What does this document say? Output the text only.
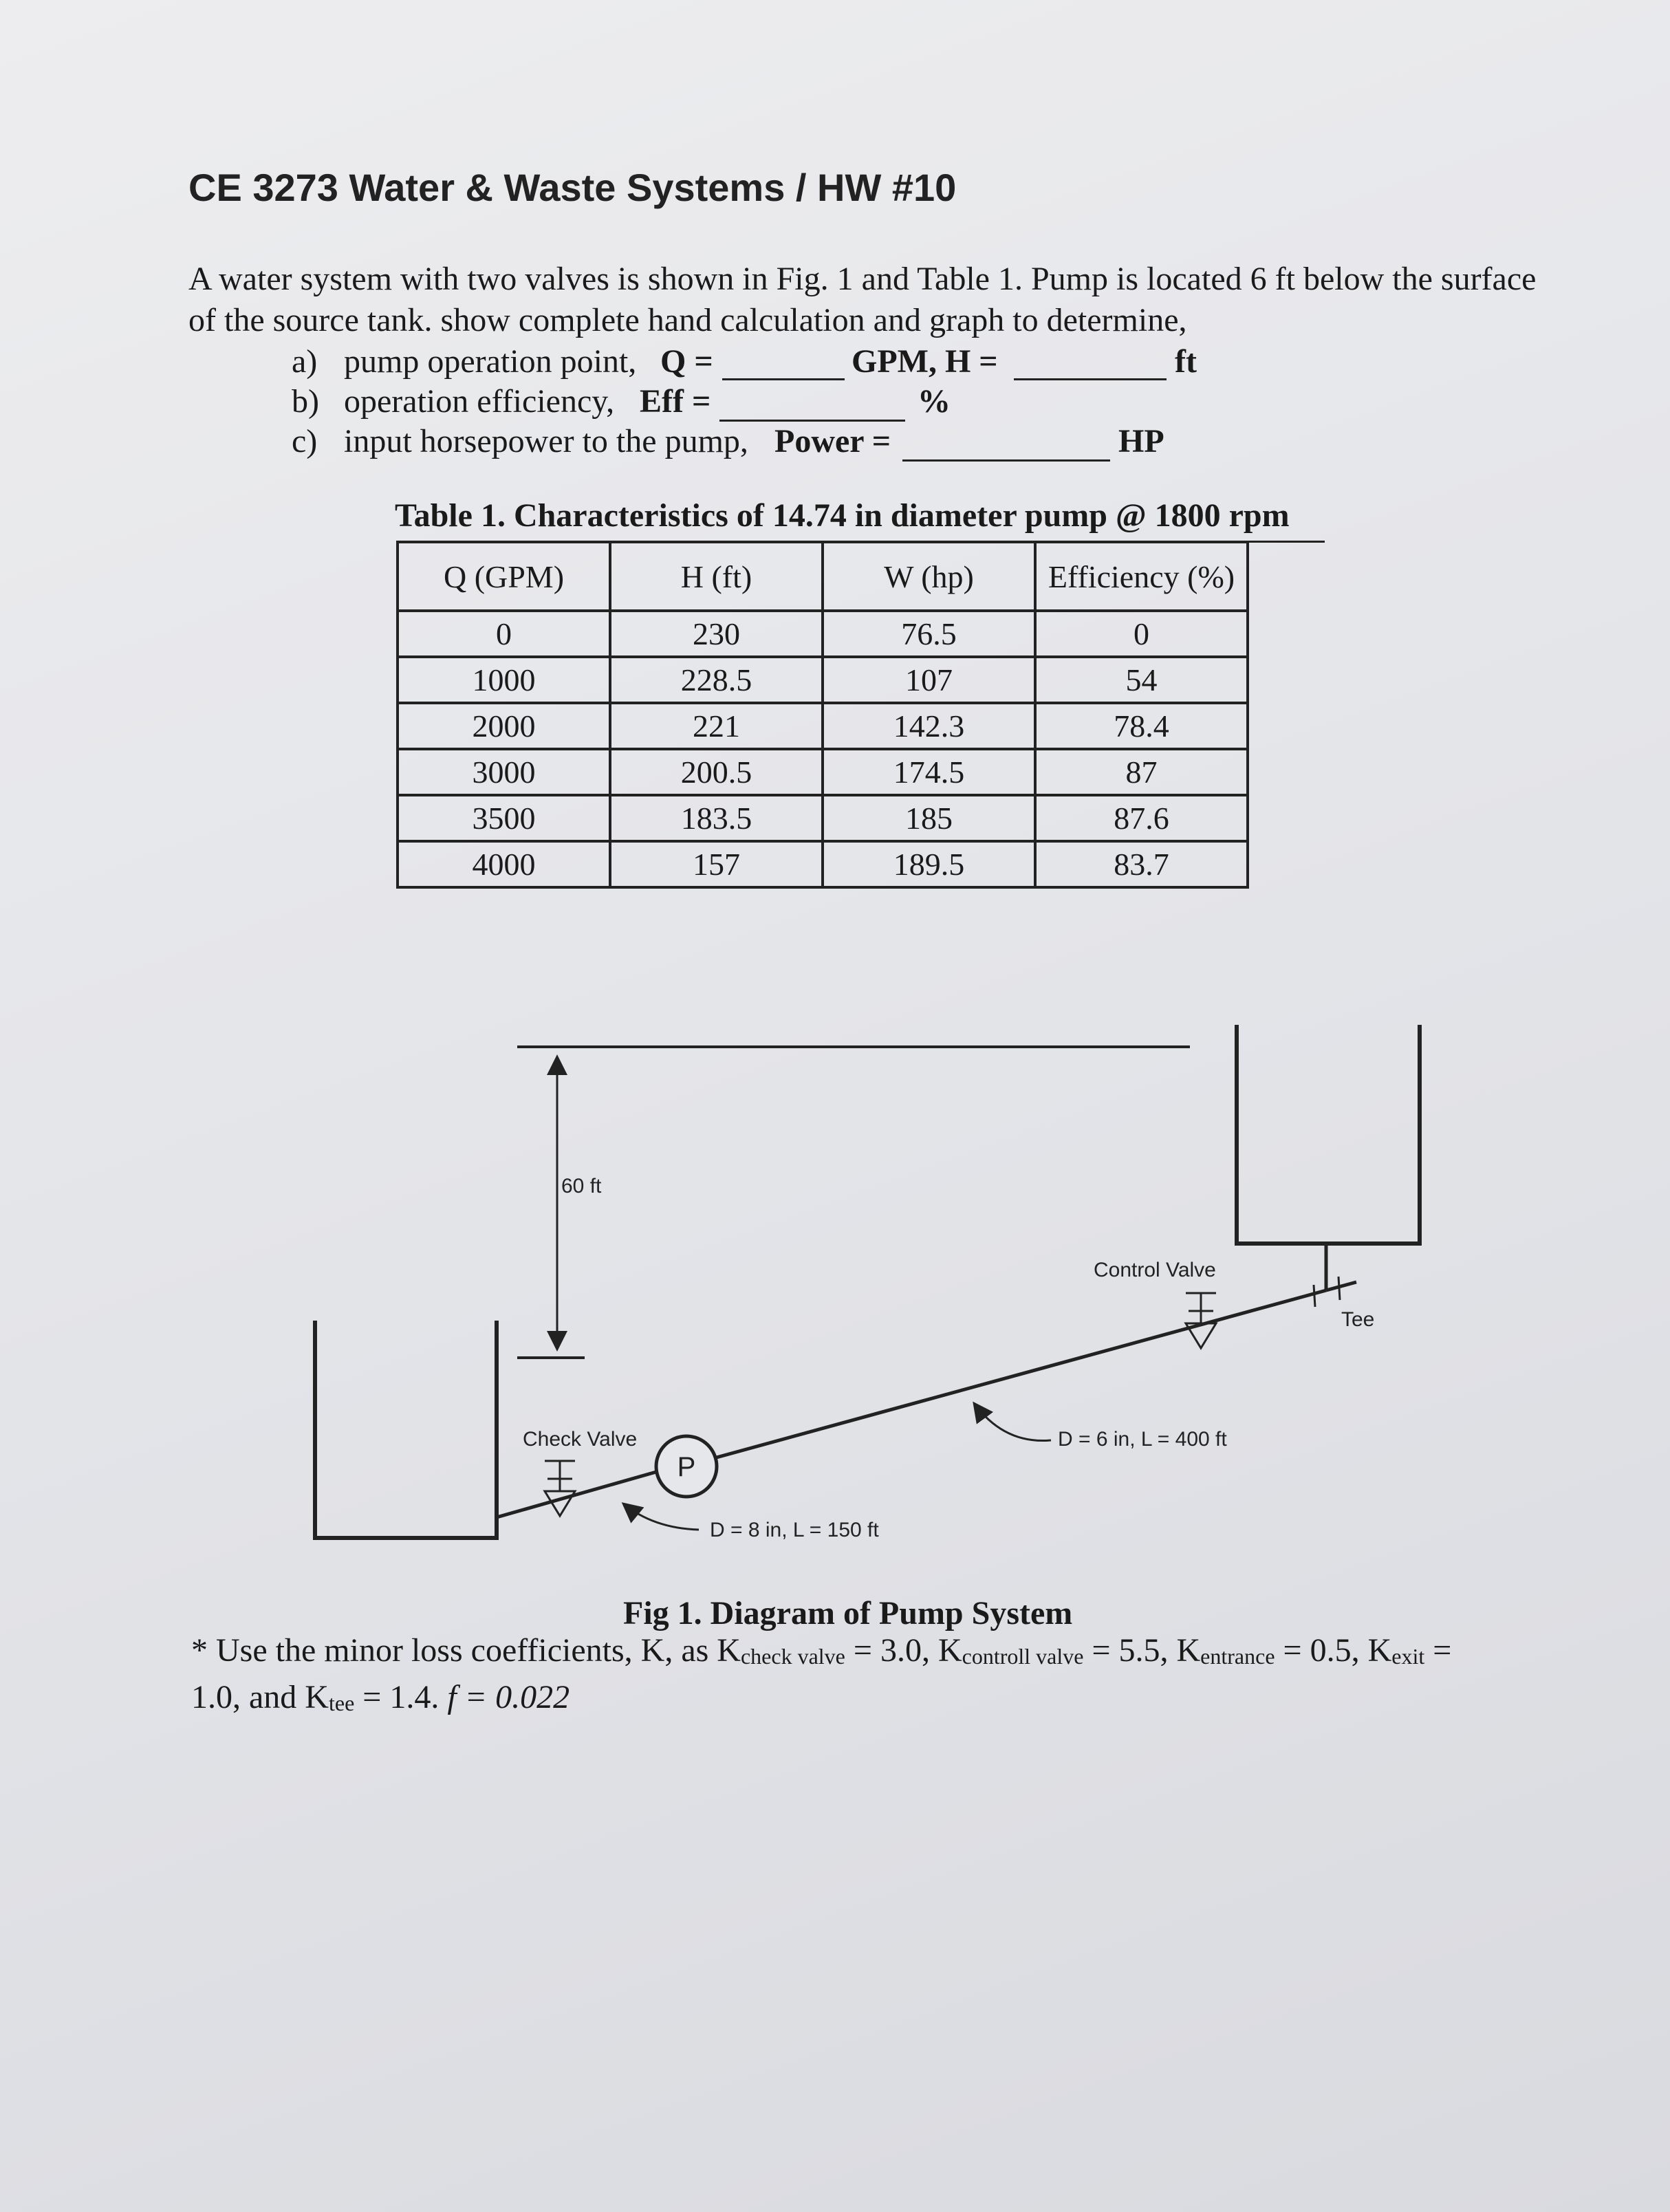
CE 3273 Water & Waste Systems / HW #10
A water system with two valves is shown in Fig. 1 and Table 1. Pump is located 6 ft below the surface of the source tank. show complete hand calculation and graph to determine,
a) pump operation point, Q =	GPM, H =	ft
b) operation efficiency, Eff =	%
c) input horsepower to the pump, Power =	HP
Table 1. Characteristics of 14.74 in diameter pump @ 1800 rpm
Q (GPM)	H (ft)	W (hp)	Efficiency (%)
0	230	76.5	0
1000	228.5	107	54
2000	221	142.3	78.4
3000	200.5	174.5	87
3500	183.5	185	87.6
4000	157	189.5	83.7
60 ft
Tee
P
Check Valve
Control Valve
D = 8 in, L = 150 ft
D = 6 in, L = 400 ft
Fig 1. Diagram of Pump System
* Use the minor loss coefficients, K, as $K_{check valve} = 3.0$, $K_{controll valve} = 5.5$, $K_{entrance} = 0.5$, $K_{exit} = 1.0$, and $K_{tee} = 1.4$. f = 0.022
